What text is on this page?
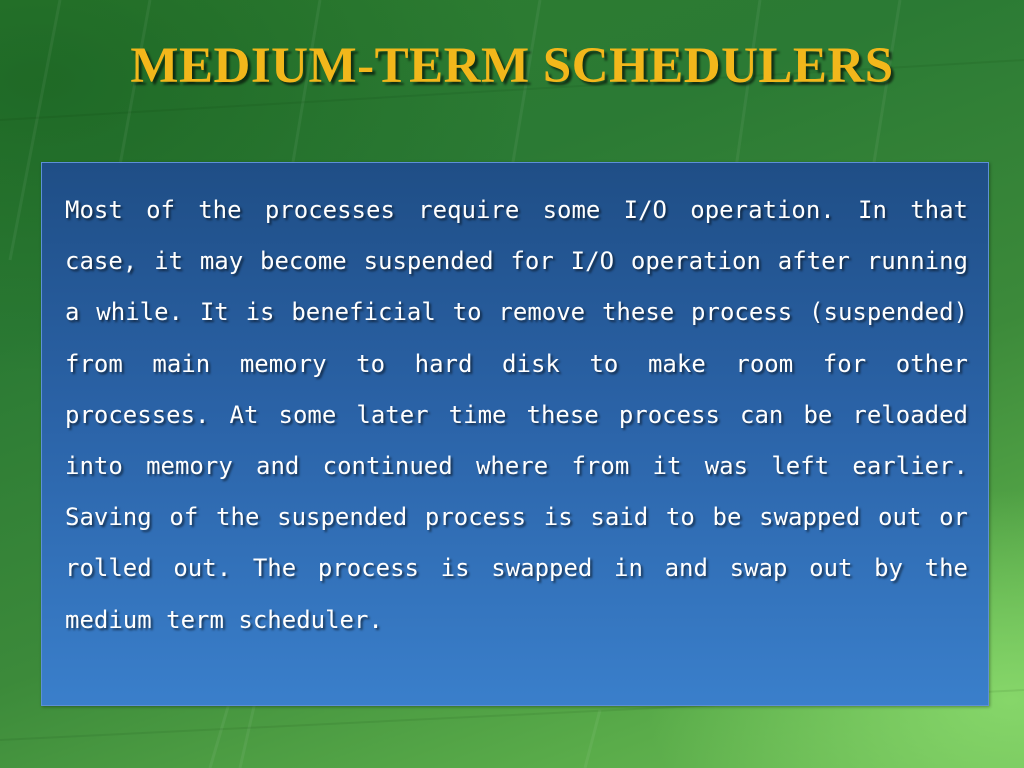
MEDIUM-TERM SCHEDULERS

Most of the processes require some I/O operation. In that case, it may become suspended for I/O operation after running a while. It is beneficial to remove these process (suspended) from main memory to hard disk to make room for other processes. At some later time these process can be reloaded into memory and continued where from it was left earlier. Saving of the suspended process is said to be swapped out or rolled out. The process is swapped in and swap out by the medium term scheduler.
